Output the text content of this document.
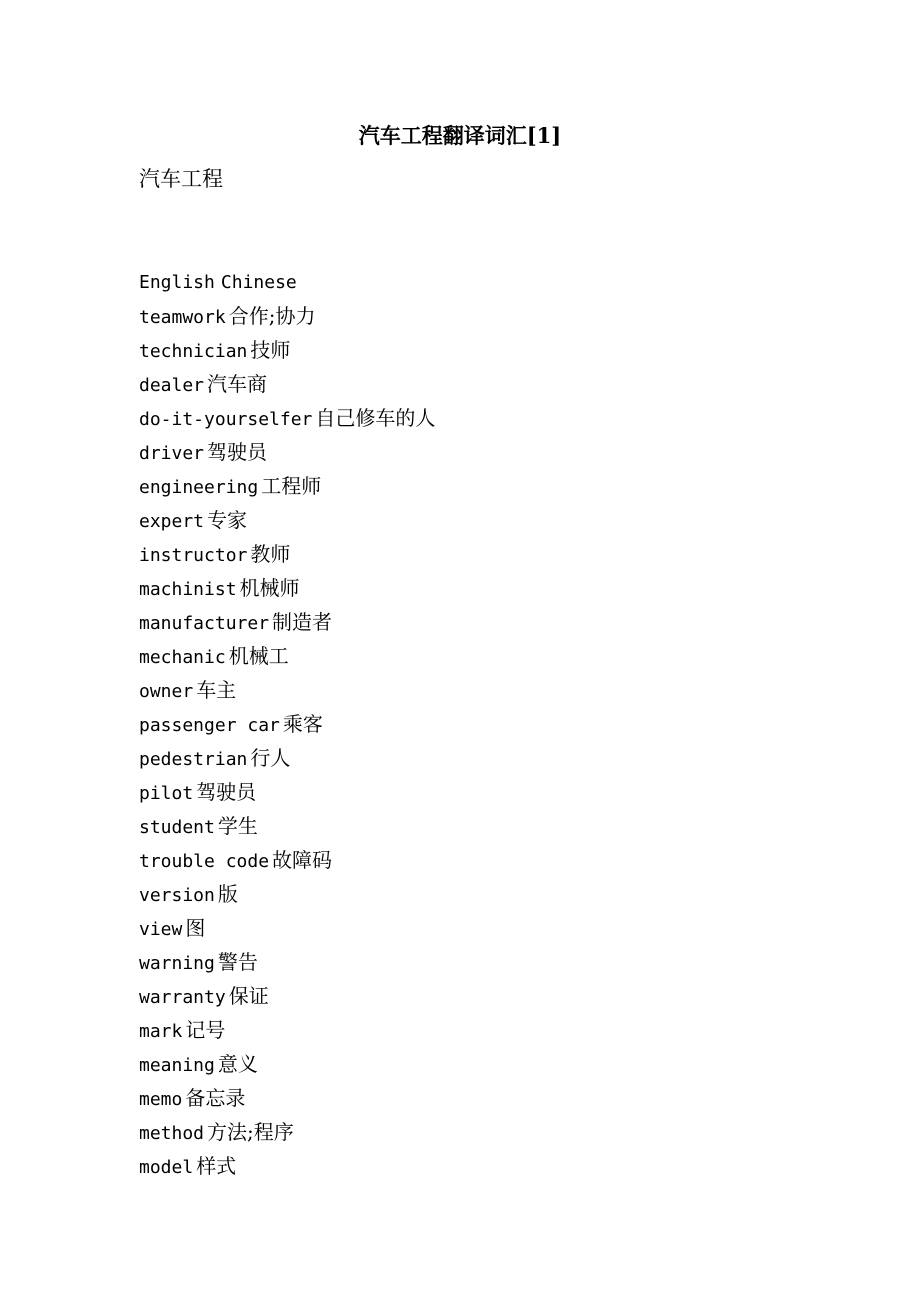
汽车工程翻译词汇[1]
汽车工程
English Chinese
teamwork 合作;协力
technician 技师
dealer 汽车商
do-it-yourselfer 自己修车的人
driver 驾驶员
engineering 工程师
expert 专家
instructor 教师
machinist 机械师
manufacturer 制造者
mechanic 机械工
owner 车主
passenger car 乘客
pedestrian 行人
pilot 驾驶员
student 学生
trouble code 故障码
version 版
view 图
warning 警告
warranty 保证
mark 记号
meaning 意义
memo 备忘录
method 方法;程序
model 样式
